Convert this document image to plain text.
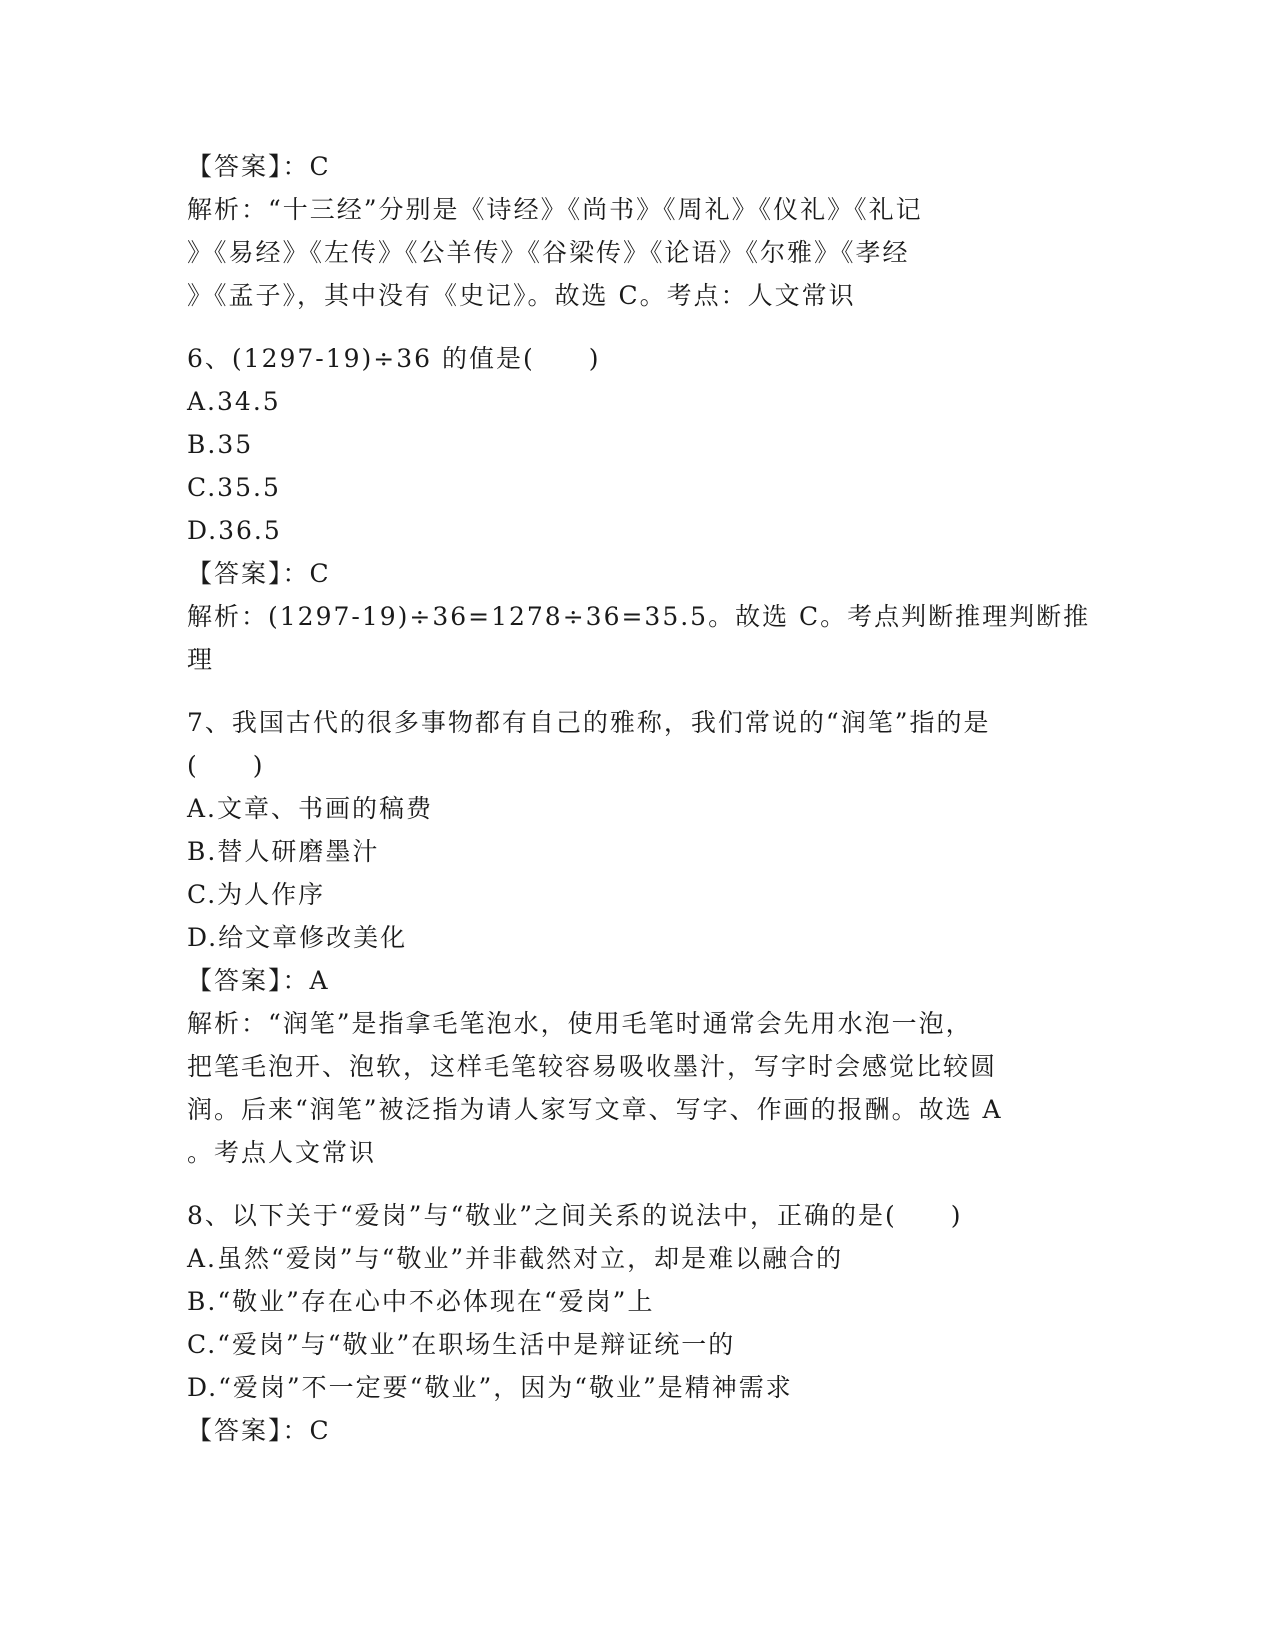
【答案】：C
解析：“十三经”分别是《诗经》《尚书》《周礼》《仪礼》《礼记
》《易经》《左传》《公羊传》《谷梁传》《论语》《尔雅》《孝经
》《孟子》，其中没有《史记》。故选 C。考点：人文常识
6、(1297-19)÷36 的值是(　　)
A.34.5
B.35
C.35.5
D.36.5
【答案】：C
解析：(1297-19)÷36=1278÷36=35.5。故选 C。考点判断推理判断推
理
7、我国古代的很多事物都有自己的雅称，我们常说的“润笔”指的是
(　　)
A.文章、书画的稿费
B.替人研磨墨汁
C.为人作序
D.给文章修改美化
【答案】：A
解析：“润笔”是指拿毛笔泡水，使用毛笔时通常会先用水泡一泡，
把笔毛泡开、泡软，这样毛笔较容易吸收墨汁，写字时会感觉比较圆
润。后来“润笔”被泛指为请人家写文章、写字、作画的报酬。故选 A
。考点人文常识
8、以下关于“爱岗”与“敬业”之间关系的说法中，正确的是(　　)
A.虽然“爱岗”与“敬业”并非截然对立，却是难以融合的
B.“敬业”存在心中不必体现在“爱岗”上
C.“爱岗”与“敬业”在职场生活中是辩证统一的
D.“爱岗”不一定要“敬业”，因为“敬业”是精神需求
【答案】：C
